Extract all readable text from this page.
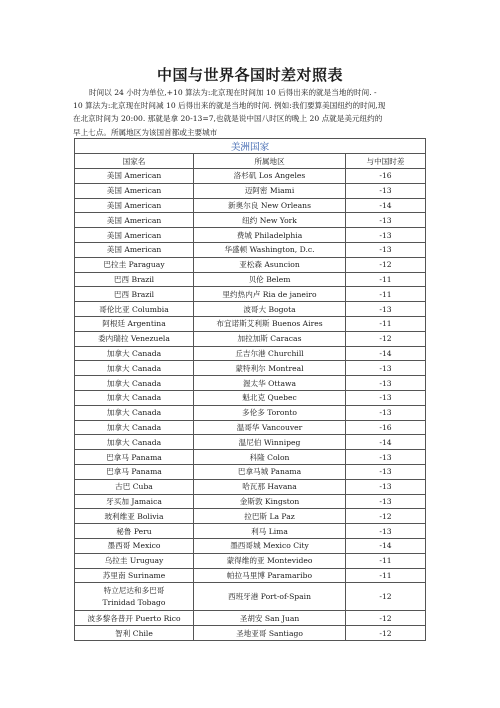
中国与世界各国时差对照表

时间以 24 小时为单位,+10 算法为:北京现在时间加 10 后得出来的就是当地的时间. -

10 算法为:北京现在时间减 10 后得出来的就是当地的时间. 例如:我们要算美国纽约的时间,现

在北京时间为 20:00. 那就是拿 20-13=7,也就是说中国八时区的晚上 20 点就是美元纽约的

早上七点。所属地区为该国首都或主要城市

美洲国家		
国家名	所属地区	与中国时差
美国 American	洛杉矶 Los Angeles	-16
美国 American	迈阿密 Miami	-13
美国 American	新奥尔良 New Orleans	-14
美国 American	纽约 New York	-13
美国 American	费城 Philadelphia	-13
美国 American	华盛顿 Washington, D.c.	-13
巴拉圭 Paraguay	亚松森 Asuncion	-12
巴西 Brazil	贝伦 Belem	-11
巴西 Brazil	里约热内卢 Ria de janeiro	-11
哥伦比亚 Columbia	波哥大 Bogota	-13
阿根廷 Argentina	布宜诺斯艾利斯 Buenos Aires	-11
委内瑞拉 Venezuela	加拉加斯 Caracas	-12
加拿大 Canada	丘吉尔港 Churchill	-14
加拿大 Canada	蒙特利尔 Montreal	-13
加拿大 Canada	渥太华 Ottawa	-13
加拿大 Canada	魁北克 Quebec	-13
加拿大 Canada	多伦多 Toronto	-13
加拿大 Canada	温哥华 Vancouver	-16
加拿大 Canada	温尼伯 Winnipeg	-14
巴拿马 Panama	科隆 Colon	-13
巴拿马 Panama	巴拿马城 Panama	-13
古巴 Cuba	哈瓦那 Havana	-13
牙买加 Jamaica	金斯敦 Kingston	-13
玻利维亚 Bolivia	拉巴斯 La Paz	-12
秘鲁 Peru	利马 Lima	-13
墨西哥 Mexico	墨西哥城 Mexico City	-14
乌拉圭 Uruguay	蒙得维的亚 Montevideo	-11
苏里南 Suriname	帕拉马里博 Paramaribo	-11

特立尼达和多巴哥
Trinidad Tobago	西班牙港 Port-of-Spain	-12
波多黎各普开 Puerto Rico	圣胡安 San Juan	-12
智利 Chile	圣地亚哥 Santiago	-12
